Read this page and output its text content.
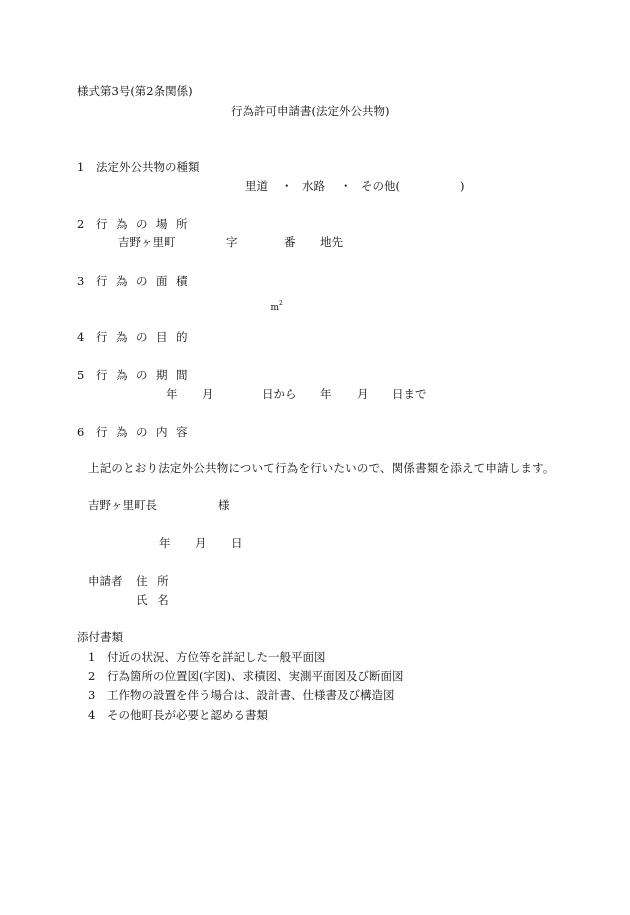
様式第3号(第2条関係)
行為許可申請書(法定外公共物)
1 法定外公共物の種類
里道 ・ 水路 ・ その他(	)
2 行為の場所
吉野ヶ里町	字	番 地先
3 行為の面積

$m^2$

4 行為の目的
5 行為の期間
年 月	日から 年 月 日まで
6 行為の内容
上記のとおり法定外公共物について行為を行いたいので、関係書類を添えて申請します。
吉野ヶ里町長	様
年 月 日
申請者 住 所
氏 名
添付書類
1 付近の状況、方位等を詳記した一般平面図
2 行為箇所の位置図(字図)、求積図、実測平面図及び断面図
3 工作物の設置を伴う場合は、設計書、仕様書及び構造図
4 その他町長が必要と認める書類
